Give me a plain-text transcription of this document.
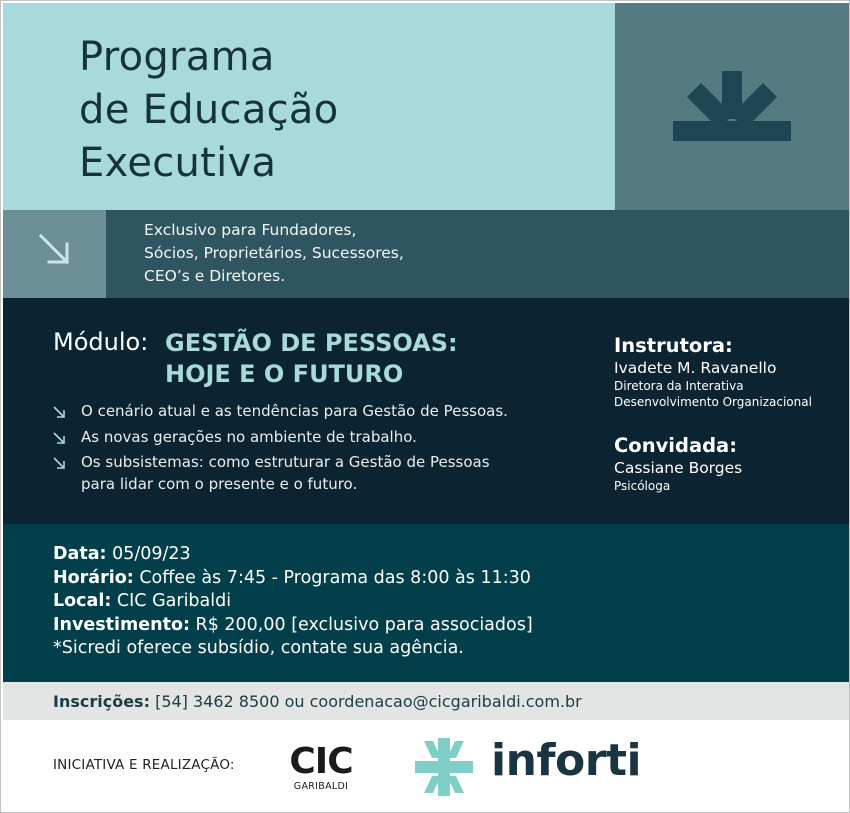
Programa
de Educação
Executiva

Exclusivo para Fundadores,
Sócios, Proprietários, Sucessores,
CEO’s e Diretores.

Módulo: GESTÃO DE PESSOAS:
HOJE E O FUTURO
O cenário atual e as tendências para Gestão de Pessoas.
As novas gerações no ambiente de trabalho.
Os subsistemas: como estruturar a Gestão de Pessoas
para lidar com o presente e o futuro.
Instrutora:
Ivadete M. Ravanello
Diretora da Interativa
Desenvolvimento Organizacional
Convidada:
Cassiane Borges
Psicóloga
Data: 05/09/23
Horário: Coffee às 7:45 - Programa das 8:00 às 11:30
Local: CIC Garibaldi
Investimento: R$ 200,00 [exclusivo para associados]
*Sicredi oferece subsídio, contate sua agência.
Inscrições: [54] 3462 8500 ou coordenacao@cicgaribaldi.com.br
INICIATIVA E REALIZAÇÃO: CIC
GARIBALDI
inforti
